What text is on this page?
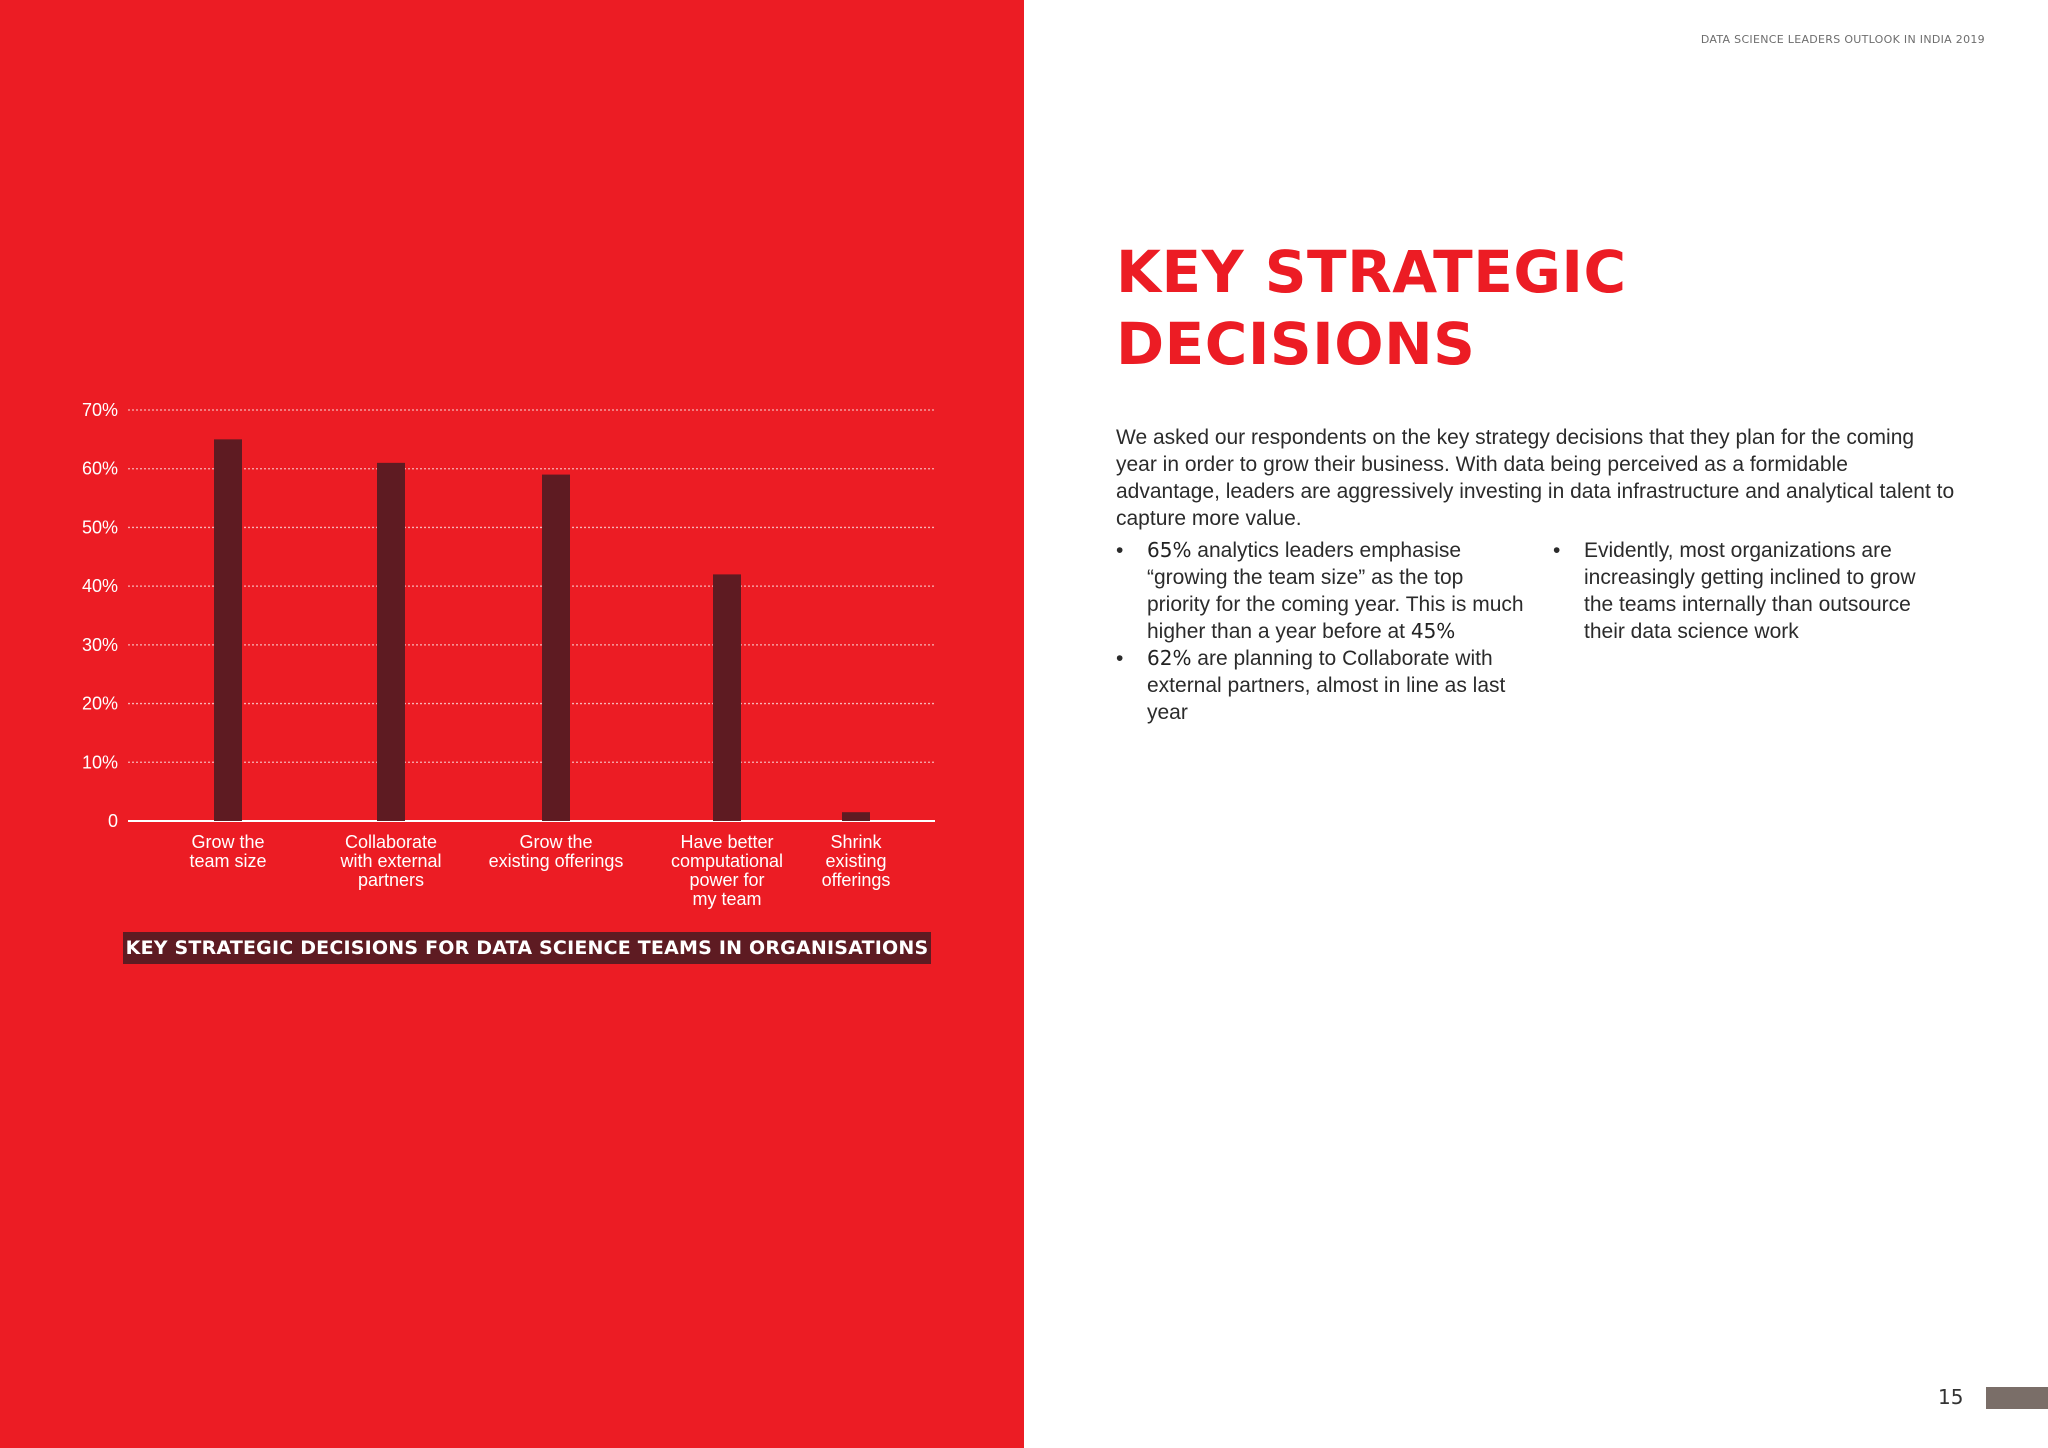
0
10%
20%
30%
40%
50%
60%
70%
Grow the team size
Collaborate with external partners
Grow the existing offerings
Have better computational power for my team
Shrink existing offerings
KEY STRATEGIC DECISIONS FOR DATA SCIENCE TEAMS IN ORGANISATIONS
DATA SCIENCE LEADERS OUTLOOK IN INDIA 2019
KEY STRATEGIC
DECISIONS

We asked our respondents on the key strategy decisions that they plan for the coming year in order to grow their business. With data being perceived as a formidable advantage, leaders are aggressively investing in data infrastructure and analytical talent to capture more value.

• 65% analytics leaders emphasise “growing the team size” as the top priority for the coming year. This is much higher than a year before at 45%
• 62% are planning to Collaborate with external partners, almost in line as last year
• Evidently, most organizations are increasingly getting inclined to grow the teams internally than outsource their data science work
15
